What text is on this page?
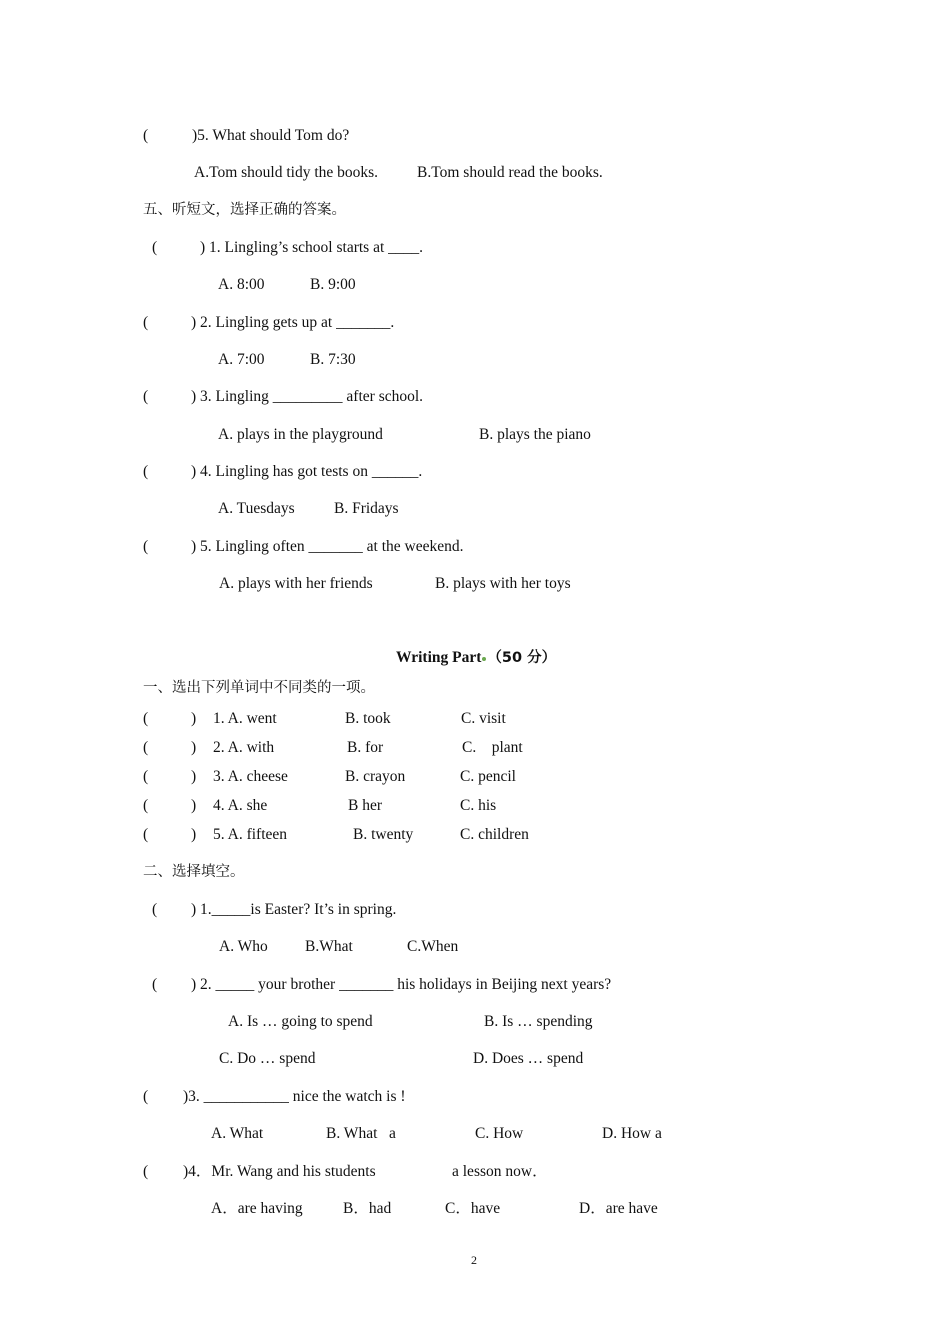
(	)5. What should Tom do?
A.Tom should tidy the books.	B.Tom should read the books.
五、听短文，选择正确的答案。
(	) 1. Lingling’s school starts at ____.
A. 8:00	B. 9:00
(	) 2. Lingling gets up at _______.
A. 7:00	B. 7:30
(	) 3. Lingling _________ after school.
A. plays in the playground	B. plays the piano
(	) 4. Lingling has got tests on ______.
A. Tuesdays	B. Fridays
(	) 5. Lingling often _______ at the weekend.
A. plays with her friends	B. plays with her toys
Writing Part （50 分）
一、选出下列单词中不同类的一项。
(	) 1. A. went	B. took	C. visit
(	) 2. A. with	B. for	C.    plant
(	) 3. A. cheese	B. crayon	C. pencil
(	) 4. A. she	B her	C. his
(	) 5. A. fifteen	B. twenty	C. children
二、选择填空。
( ) 1._____is Easter? It’s in spring.
A. Who B.What	C.When
( ) 2. _____ your brother _______ his holidays in Beijing next years?
A. Is … going to spend	B. Is … spending
C. Do … spend	D. Does … spend
( )3. ___________ nice the watch is !
A. What	B. What   a	C. How	D. How a
( )4．Mr. Wang and his students	a lesson now．
A．are having	B．had	C．have	D．are have
2
